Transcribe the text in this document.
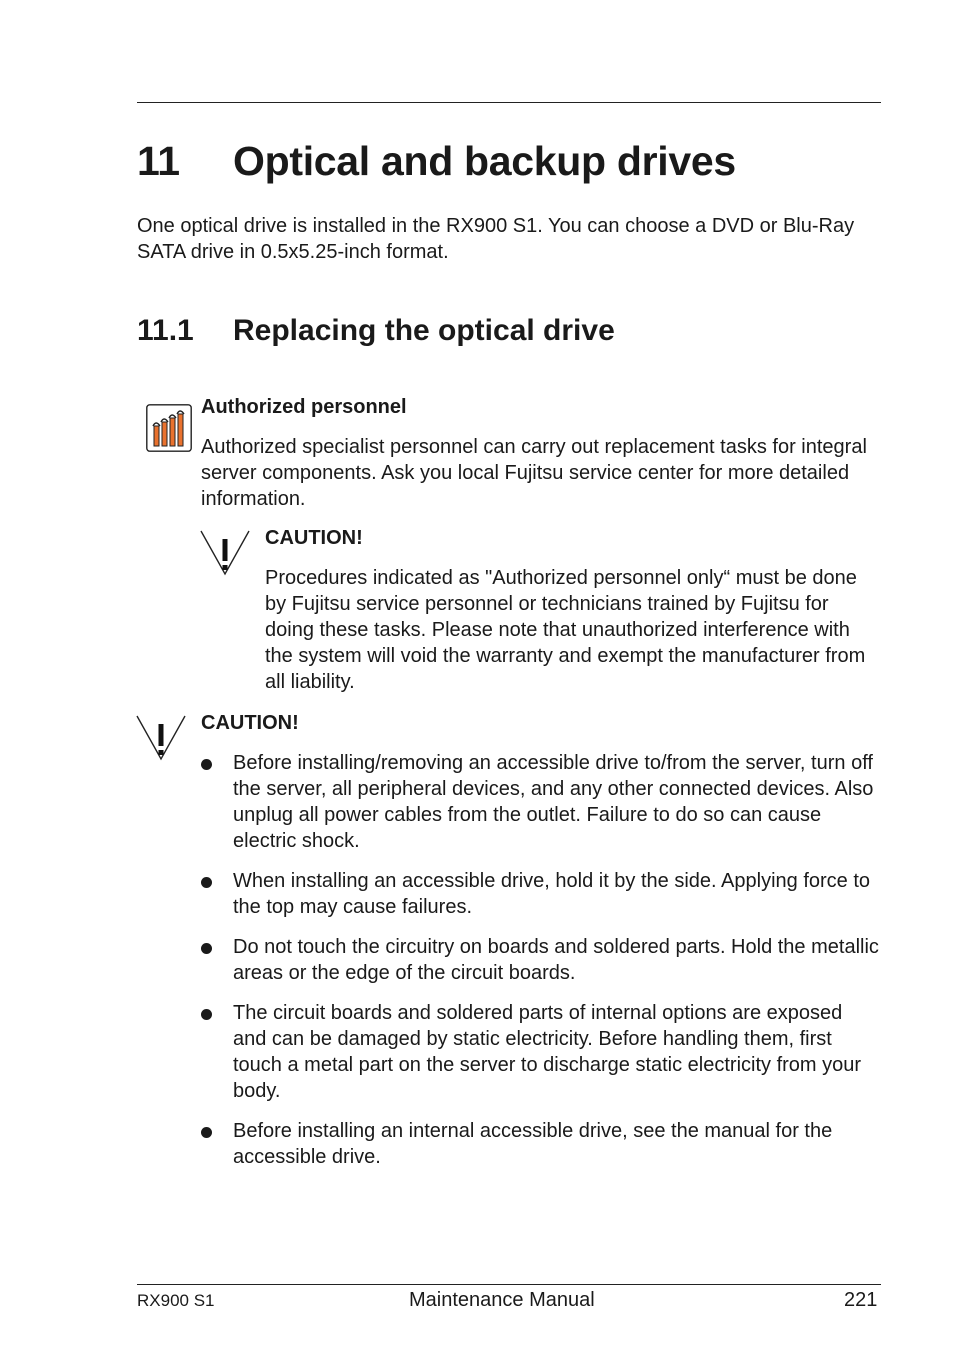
11 Optical and backup drives
One optical drive is installed in the RX900 S1. You can choose a DVD or Blu-Ray SATA drive in 0.5x5.25-inch format.
11.1 Replacing the optical drive
Authorized personnel
Authorized specialist personnel can carry out replacement tasks for integral server components. Ask you local Fujitsu service center for more detailed information.
CAUTION!
Procedures indicated as "Authorized personnel only“ must be done by Fujitsu service personnel or technicians trained by Fujitsu for doing these tasks. Please note that unauthorized interference with the system will void the warranty and exempt the manufacturer from all liability.
CAUTION!
Before installing/removing an accessible drive to/from the server, turn off the server, all peripheral devices, and any other connected devices. Also unplug all power cables from the outlet. Failure to do so can cause electric shock.
When installing an accessible drive, hold it by the side. Applying force to the top may cause failures.
Do not touch the circuitry on boards and soldered parts. Hold the metallic areas or the edge of the circuit boards.
The circuit boards and soldered parts of internal options are exposed and can be damaged by static electricity. Before handling them, first touch a metal part on the server to discharge static electricity from your body.
Before installing an internal accessible drive, see the manual for the accessible drive.
RX900 S1	Maintenance Manual	221
